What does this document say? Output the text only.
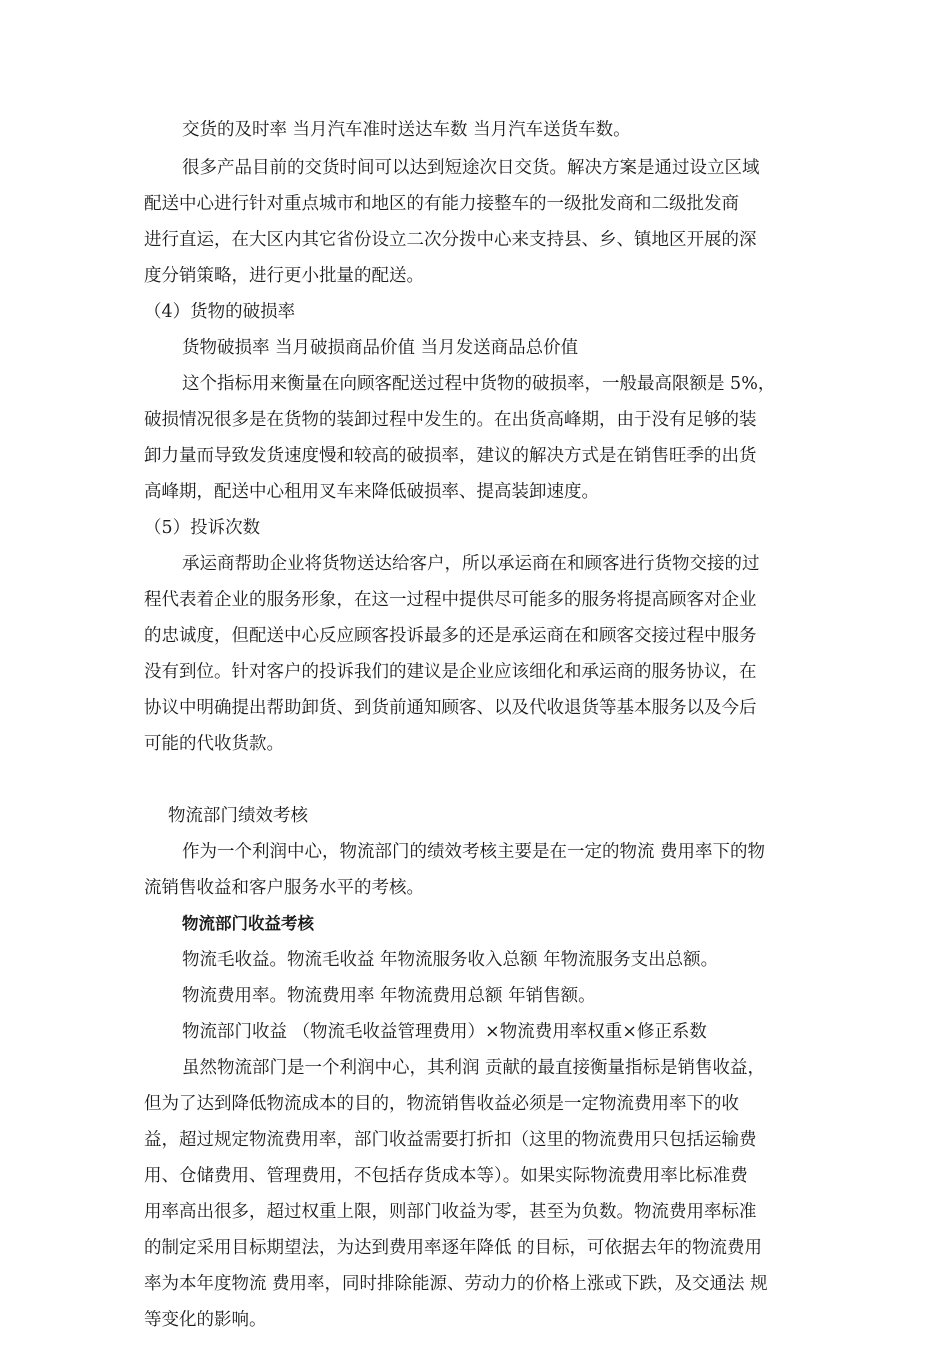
交货的及时率 当月汽车准时送达车数 当月汽车送货车数。
很多产品目前的交货时间可以达到短途次日交货。解决方案是通过设立区域
配送中心进行针对重点城市和地区的有能力接整车的一级批发商和二级批发商
进行直运，在大区内其它省份设立二次分拨中心来支持县、乡、镇地区开展的深
度分销策略，进行更小批量的配送。
（4）货物的破损率
货物破损率 当月破损商品价值 当月发送商品总价值
这个指标用来衡量在向顾客配送过程中货物的破损率，一般最高限额是 5%，
破损情况很多是在货物的装卸过程中发生的。在出货高峰期，由于没有足够的装
卸力量而导致发货速度慢和较高的破损率，建议的解决方式是在销售旺季的出货
高峰期，配送中心租用叉车来降低破损率、提高装卸速度。
（5）投诉次数
承运商帮助企业将货物送达给客户，所以承运商在和顾客进行货物交接的过
程代表着企业的服务形象，在这一过程中提供尽可能多的服务将提高顾客对企业
的忠诚度，但配送中心反应顾客投诉最多的还是承运商在和顾客交接过程中服务
没有到位。针对客户的投诉我们的建议是企业应该细化和承运商的服务协议，在
协议中明确提出帮助卸货、到货前通知顾客、以及代收退货等基本服务以及今后
可能的代收货款。
物流部门绩效考核
作为一个利润中心，物流部门的绩效考核主要是在一定的物流 费用率下的物
流销售收益和客户服务水平的考核。
物流部门收益考核
物流毛收益。物流毛收益 年物流服务收入总额 年物流服务支出总额。
物流费用率。物流费用率 年物流费用总额 年销售额。
物流部门收益 （物流毛收益管理费用）×物流费用率权重×修正系数
虽然物流部门是一个利润中心，其利润 贡献的最直接衡量指标是销售收益，
但为了达到降低物流成本的目的，物流销售收益必须是一定物流费用率下的收
益，超过规定物流费用率，部门收益需要打折扣（这里的物流费用只包括运输费
用、仓储费用、管理费用，不包括存货成本等）。如果实际物流费用率比标准费
用率高出很多，超过权重上限，则部门收益为零，甚至为负数。物流费用率标准
的制定采用目标期望法，为达到费用率逐年降低 的目标，可依据去年的物流费用
率为本年度物流 费用率，同时排除能源、劳动力的价格上涨或下跌，及交通法 规
等变化的影响。
